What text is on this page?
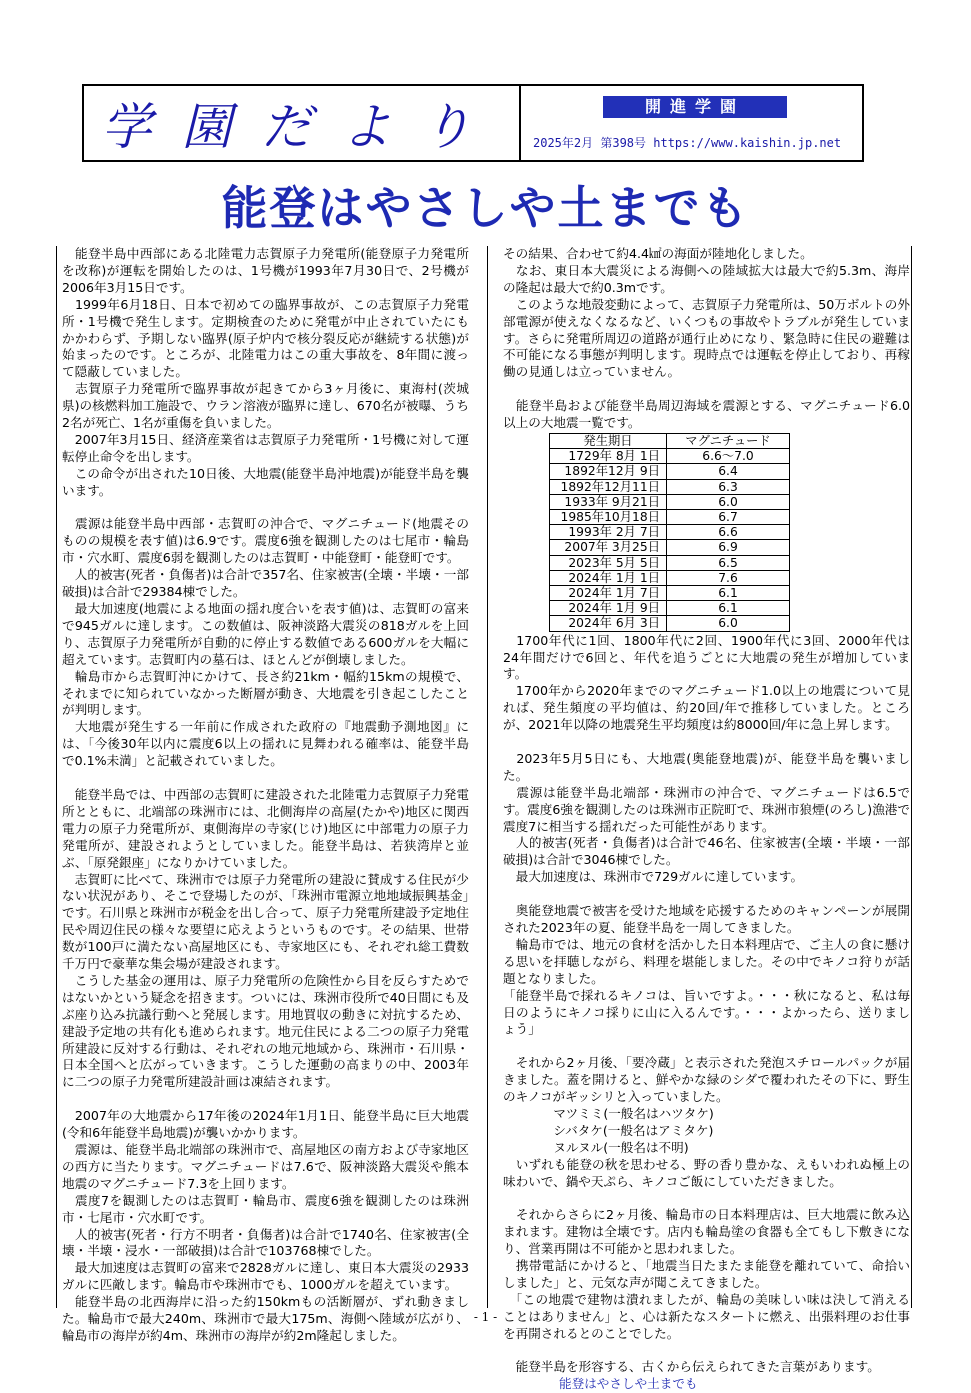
学園だより	開進学園
2025年2月 第398号 https://www.kaishin.jp.net
能登はやさしや土までも

　能登半島中西部にある北陸電力志賀原子力発電所(能登原子力発電所を改称)が運転を開始したのは、1号機が1993年7月30日で、2号機が2006年3月15日です。

　1999年6月18日、日本で初めての臨界事故が、この志賀原子力発電所・1号機で発生します。定期検査のために発電が中止されていたにもかかわらず、予期しない臨界(原子炉内で核分裂反応が継続する状態)が始まったのです。ところが、北陸電力はこの重大事故を、8年間に渡って隠蔽していました。

　志賀原子力発電所で臨界事故が起きてから3ヶ月後に、東海村(茨城県)の核燃料加工施設で、ウラン溶液が臨界に達し、670名が被曝、うち2名が死亡、1名が重傷を負いました。

　2007年3月15日、経済産業省は志賀原子力発電所・1号機に対して運転停止命令を出します。

　この命令が出された10日後、大地震(能登半島沖地震)が能登半島を襲います。

　震源は能登半島中西部・志賀町の沖合で、マグニチュード(地震そのものの規模を表す値)は6.9です。震度6強を観測したのは七尾市・輪島市・穴水町、震度6弱を観測したのは志賀町・中能登町・能登町です。

　人的被害(死者・負傷者)は合計で357名、住家被害(全壊・半壊・一部破損)は合計で29384棟でした。

　最大加速度(地震による地面の揺れ度合いを表す値)は、志賀町の富来で945ガルに達します。この数値は、阪神淡路大震災の818ガルを上回り、志賀原子力発電所が自動的に停止する数値である600ガルを大幅に超えています。志賀町内の墓石は、ほとんどが倒壊しました。

　輪島市から志賀町沖にかけて、長さ約21km・幅約15kmの規模で、それまでに知られていなかった断層が動き、大地震を引き起こしたことが判明します。

　大地震が発生する一年前に作成された政府の『地震動予測地図』には、「今後30年以内に震度6以上の揺れに見舞われる確率は、能登半島で0.1%未満」と記載されていました。

　能登半島では、中西部の志賀町に建設された北陸電力志賀原子力発電所とともに、北端部の珠洲市には、北側海岸の高屋(たかや)地区に関西電力の原子力発電所が、東側海岸の寺家(じけ)地区に中部電力の原子力発電所が、建設されようとしていました。能登半島は、若狭湾岸と並ぶ、「原発銀座」になりかけていました。

　志賀町に比べて、珠洲市では原子力発電所の建設に賛成する住民が少ない状況があり、そこで登場したのが、「珠洲市電源立地地域振興基金」です。石川県と珠洲市が税金を出し合って、原子力発電所建設予定地住民や周辺住民の様々な要望に応えようというものです。その結果、世帯数が100戸に満たない高屋地区にも、寺家地区にも、それぞれ総工費数千万円で豪華な集会場が建設されます。

　こうした基金の運用は、原子力発電所の危険性から目を反らすためではないかという疑念を招きます。ついには、珠洲市役所で40日間にも及ぶ座り込み抗議行動へと発展します。用地買収の動きに対抗するため、建設予定地の共有化も進められます。地元住民による二つの原子力発電所建設に反対する行動は、それぞれの地元地域から、珠洲市・石川県・日本全国へと広がっていきます。こうした運動の高まりの中、2003年に二つの原子力発電所建設計画は凍結されます。

　2007年の大地震から17年後の2024年1月1日、能登半島に巨大地震(令和6年能登半島地震)が襲いかかります。

　震源は、能登半島北端部の珠洲市で、高屋地区の南方および寺家地区の西方に当たります。マグニチュードは7.6で、阪神淡路大震災や熊本地震のマグニチュード7.3を上回ります。

　震度7を観測したのは志賀町・輪島市、震度6強を観測したのは珠洲市・七尾市・穴水町です。

　人的被害(死者・行方不明者・負傷者)は合計で1740名、住家被害(全壊・半壊・浸水・一部破損)は合計で103768棟でした。

　最大加速度は志賀町の富来で2828ガルに達し、東日本大震災の2933ガルに匹敵します。輪島市や珠洲市でも、1000ガルを超えています。

　能登半島の北西海岸に沿った約150kmもの活断層が、ずれ動きました。輪島市で最大240m、珠洲市で最大175m、海側へ陸域が広がり、輪島市の海岸が約4m、珠洲市の海岸が約2m隆起しました。

その結果、合わせて約4.4㎢の海面が陸地化しました。

　なお、東日本大震災による海側への陸域拡大は最大で約5.3m、海岸の隆起は最大で約0.3mです。

　このような地殻変動によって、志賀原子力発電所は、50万ボルトの外部電源が使えなくなるなど、いくつもの事故やトラブルが発生しています。さらに発電所周辺の道路が通行止めになり、緊急時に住民の避難は不可能になる事態が判明します。現時点では運転を停止しており、再稼働の見通しは立っていません。

　能登半島および能登半島周辺海域を震源とする、マグニチュード6.0以上の大地震一覧です。

発生期日	マグニチュード
1729年 8月 1日	6.6～7.0
1892年12月 9日	6.4
1892年12月11日	6.3
1933年 9月21日	6.0
1985年10月18日	6.7
1993年 2月 7日	6.6
2007年 3月25日	6.9
2023年 5月 5日	6.5
2024年 1月 1日	7.6
2024年 1月 7日	6.1
2024年 1月 9日	6.1
2024年 6月 3日	6.0

　1700年代に1回、1800年代に2回、1900年代に3回、2000年代は24年間だけで6回と、年代を追うごとに大地震の発生が増加しています。

　1700年から2020年までのマグニチュード1.0以上の地震について見れば、発生頻度の平均値は、約20回/年で推移していました。ところが、2021年以降の地震発生平均頻度は約8000回/年に急上昇します。

　2023年5月5日にも、大地震(奥能登地震)が、能登半島を襲いました。

　震源は能登半島北端部・珠洲市の沖合で、マグニチュードは6.5です。震度6強を観測したのは珠洲市正院町で、珠洲市狼煙(のろし)漁港で震度7に相当する揺れだった可能性があります。

　人的被害(死者・負傷者)は合計で46名、住家被害(全壊・半壊・一部破損)は合計で3046棟でした。

　最大加速度は、珠洲市で729ガルに達しています。

　奥能登地震で被害を受けた地域を応援するためのキャンペーンが展開された2023年の夏、能登半島を一周してきました。

　輪島市では、地元の食材を活かした日本料理店で、ご主人の食に懸ける思いを拝聴しながら、料理を堪能しました。その中でキノコ狩りが話題となりました。

「能登半島で採れるキノコは、旨いですよ。・・・秋になると、私は毎日のようにキノコ採りに山に入るんです。・・・よかったら、送りましょう」

　それから2ヶ月後、「要冷蔵」と表示された発泡スチロールパックが届きました。蓋を開けると、鮮やかな緑のシダで覆われたその下に、野生のキノコがギッシリと入っていました。

　　　　マツミミ(一般名はハツタケ)

　　　　シバタケ(一般名はアミタケ)

　　　　ヌルヌル(一般名は不明)

　いずれも能登の秋を思わせる、野の香り豊かな、えもいわれぬ極上の味わいで、鍋や天ぷら、キノコご飯にしていただきました。

　それからさらに2ヶ月後、輪島市の日本料理店は、巨大地震に飲み込まれます。建物は全壊です。店内も輪島塗の食器も全てもし下敷きになり、営業再開は不可能かと思われました。

　携帯電話にかけると、「地震当日たまたま能登を離れていて、命拾いしました」と、元気な声が聞こえてきました。

　「この地震で建物は潰れましたが、輪島の美味しい味は決して消えることはありません」と、心は新たなスタートに燃え、出張料理のお仕事を再開されるとのことでした。

　能登半島を形容する、古くから伝えられてきた言葉があります。

能登はやさしや土までも

- 1 -
